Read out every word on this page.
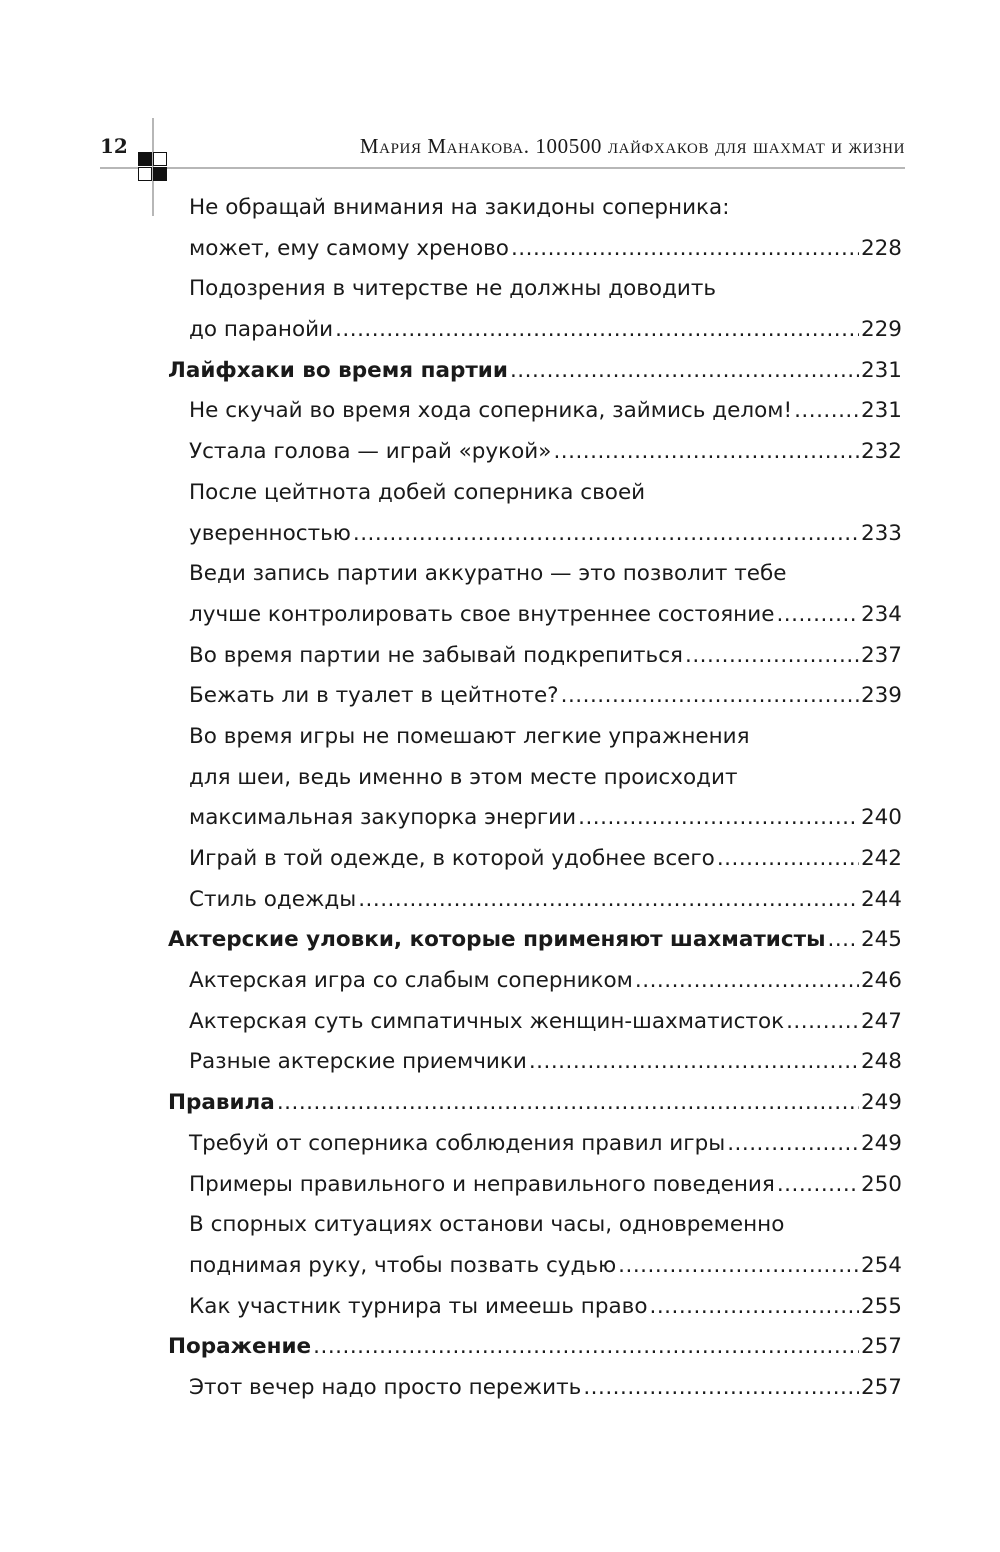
12	Мария Манакова. 100500 лайфхаков для шахмат и жизни
Не обращай внимания на закидоны соперника:
может, ему самому хреново .....	228
Подозрения в читерстве не должны доводить
до паранойи .....	229
Лайфхаки во время партии .....	231
Не скучай во время хода соперника, займись делом! .....	231
Устала голова — играй «рукой» .....	232
После цейтнота добей соперника своей
уверенностью .....	233
Веди запись партии аккуратно — это позволит тебе
лучше контролировать свое внутреннее состояние .....	234
Во время партии не забывай подкрепиться .....	237
Бежать ли в туалет в цейтноте? .....	239
Во время игры не помешают легкие упражнения
для шеи, ведь именно в этом месте происходит
максимальная закупорка энергии .....	240
Играй в той одежде, в которой удобнее всего .....	242
Стиль одежды .....	244
Актерские уловки, которые применяют шахматисты ..... 245
Актерская игра со слабым соперником .....	246
Актерская суть симпатичных женщин-шахматисток .....	247
Разные актерские приемчики .....	248
Правила .....	249
Требуй от соперника соблюдения правил игры .....	249
Примеры правильного и неправильного поведения .....	250
В спорных ситуациях останови часы, одновременно
поднимая руку, чтобы позвать судью .....	254
Как участник турнира ты имеешь право .....	255
Поражение .....	257
Этот вечер надо просто пережить .....	257
